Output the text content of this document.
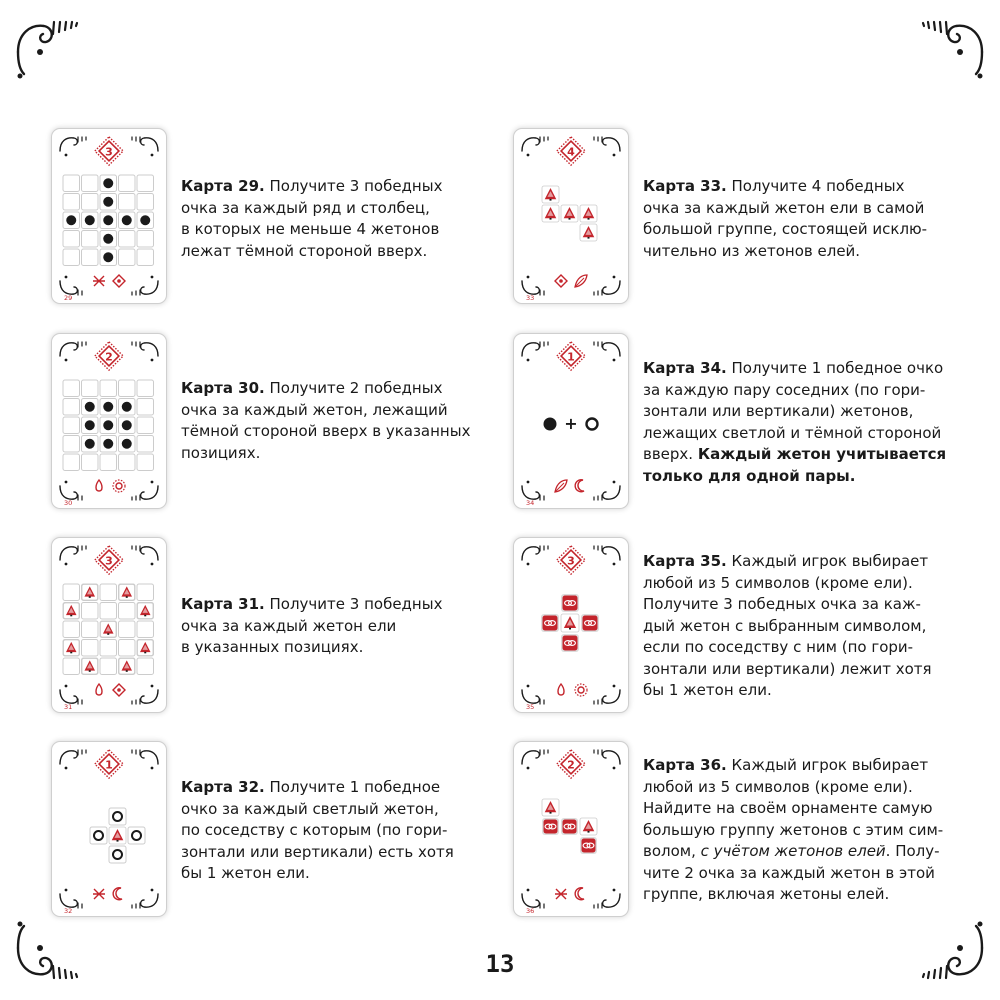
3
29
2
30
3
31
1
32
4
33
1
+
34
3
35
2
36
Карта 29. Получите 3 победных
очка за каждый ряд и столбец,
в которых не меньше 4 жетонов
лежат тёмной стороной вверх.
Карта 30. Получите 2 победных
очка за каждый жетон, лежащий
тёмной стороной вверх в указанных
позициях.
Карта 31. Получите 3 победных
очка за каждый жетон ели
в указанных позициях.
Карта 32. Получите 1 победное
очко за каждый светлый жетон,
по соседству с которым (по гори-
зонтали или вертикали) есть хотя
бы 1 жетон ели.
Карта 33. Получите 4 победных
очка за каждый жетон ели в самой
большой группе, состоящей исклю-
чительно из жетонов елей.
Карта 34. Получите 1 победное очко
за каждую пару соседних (по гори-
зонтали или вертикали) жетонов,
лежащих светлой и тёмной стороной
вверх. Каждый жетон учитывается
только для одной пары.
Карта 35. Каждый игрок выбирает
любой из 5 символов (кроме ели).
Получите 3 победных очка за каж-
дый жетон с выбранным символом,
если по соседству с ним (по гори-
зонтали или вертикали) лежит хотя
бы 1 жетон ели.
Карта 36. Каждый игрок выбирает
любой из 5 символов (кроме ели).
Найдите на своём орнаменте самую
большую группу жетонов с этим сим-
волом, с учётом жетонов елей. Полу-
чите 2 очка за каждый жетон в этой
группе, включая жетоны елей.
13
